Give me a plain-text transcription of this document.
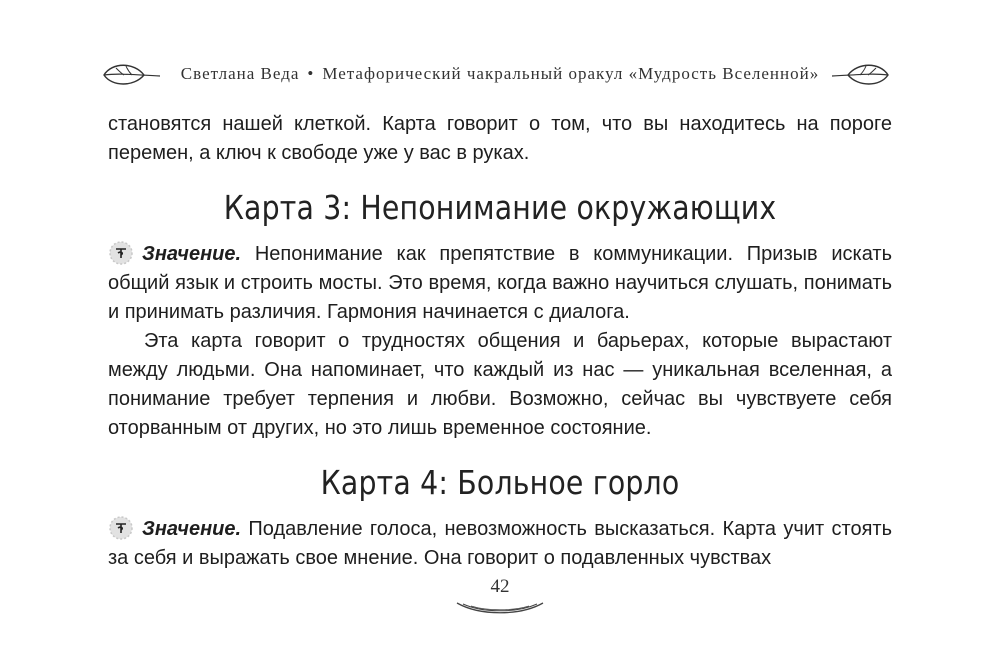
Светлана Веда • Метафорический чакральный оракул «Мудрость Вселенной»

становятся нашей клеткой. Карта говорит о том, что вы находитесь на пороге перемен, а ключ к свободе уже у вас в руках.

Карта 3: Непонимание окружающих

Значение. Непонимание как препятствие в коммуникации. Призыв искать общий язык и строить мосты. Это время, когда важно научиться слушать, понимать и принимать различия. Гармония начинается с диалога.

Эта карта говорит о трудностях общения и барьерах, которые вырастают между людьми. Она напоминает, что каждый из нас — уникальная вселенная, а понимание требует терпения и любви. Возможно, сейчас вы чувствуете себя оторванным от других, но это лишь временное состояние.

Карта 4: Больное горло

Значение. Подавление голоса, невозможность высказаться. Карта учит стоять за себя и выражать свое мнение. Она говорит о подавленных чувствах

42
